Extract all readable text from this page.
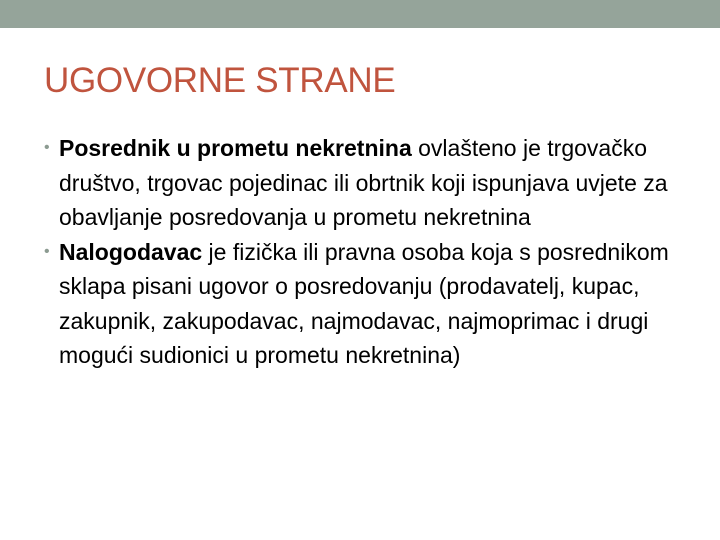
UGOVORNE STRANE
• Posrednik u prometu nekretnina ovlašteno je trgovačko društvo, trgovac pojedinac ili obrtnik koji ispunjava uvjete za obavljanje posredovanja u prometu nekretnina
• Nalogodavac je fizička ili pravna osoba koja s posrednikom sklapa pisani ugovor o posredovanju (prodavatelj, kupac, zakupnik, zakupodavac, najmodavac, najmoprimac i drugi mogući sudionici u prometu nekretnina)
